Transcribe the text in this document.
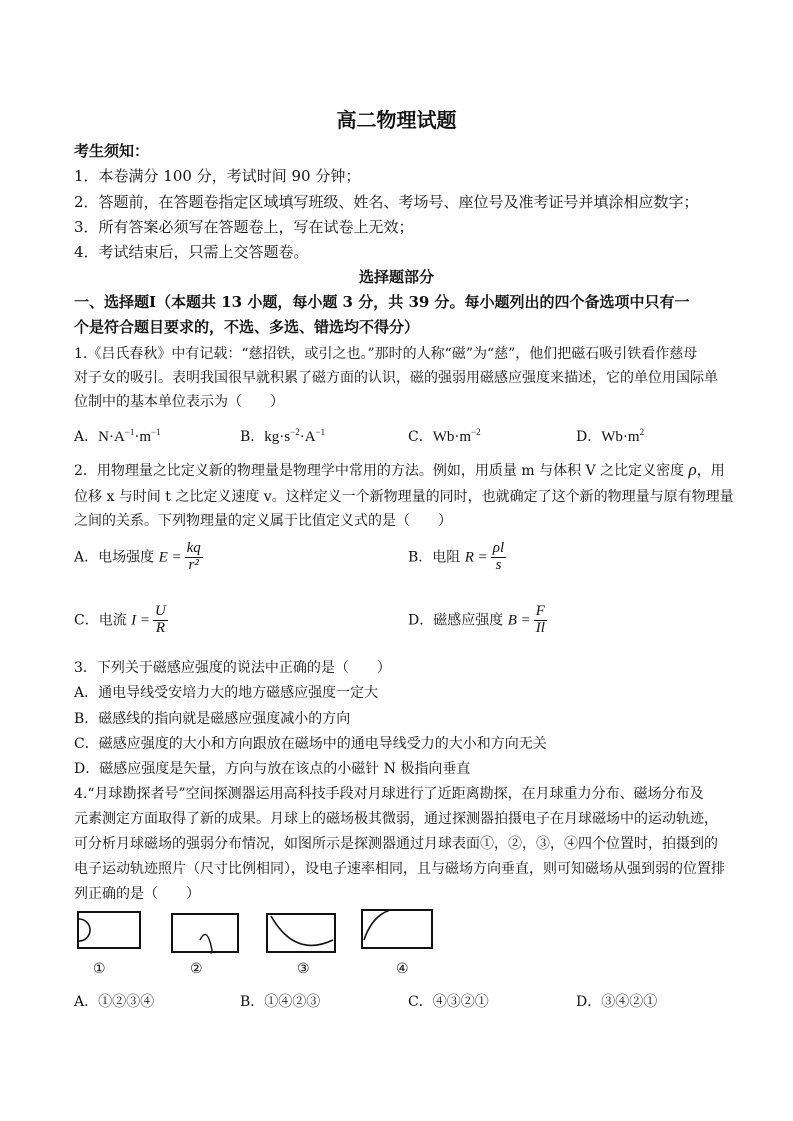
高二物理试题
考生须知：
1．本卷满分 100 分，考试时间 90 分钟；
2．答题前，在答题卷指定区域填写班级、姓名、考场号、座位号及准考证号并填涂相应数字；
3．所有答案必须写在答题卷上，写在试卷上无效；
4．考试结束后，只需上交答题卷。
选择题部分
一、选择题Ⅰ（本题共 13 小题，每小题 3 分，共 39 分。每小题列出的四个备选项中只有一
个是符合题目要求的，不选、多选、错选均不得分）
1.《吕氏春秋》中有记载：“慈招铁，或引之也。”那时的人称“磁”为“慈”，他们把磁石吸引铁看作慈母
对子女的吸引。表明我国很早就积累了磁方面的认识，磁的强弱用磁感应强度来描述，它的单位用国际单
位制中的基本单位表示为（　　）
A．$N\cdot A^{-1}\cdot m^{-1}$	B．$kg\cdot s^{-2}\cdot A^{-1}$	C．$Wb\cdot m^{-2}$	D．$Wb\cdot m^2$
2．用物理量之比定义新的物理量是物理学中常用的方法。例如，用质量 m 与体积 V 之比定义密度 ρ，用
位移 x 与时间 t 之比定义速度 v。这样定义一个新物理量的同时，也就确定了这个新的物理量与原有物理量
之间的关系。下列物理量的定义属于比值定义式的是（　　）
A．电场强度 $E = \frac{kq}{\text{r²}}$	B．电阻 $R = \frac{\rho l}{s}$
C．电流 $I = \frac{U}{R}$	D．磁感应强度 $B = \frac{F}{Il}$
3．下列关于磁感应强度的说法中正确的是（　　）
A．通电导线受安培力大的地方磁感应强度一定大
B．磁感线的指向就是磁感应强度减小的方向
C．磁感应强度的大小和方向跟放在磁场中的通电导线受力的大小和方向无关
D．磁感应强度是矢量，方向与放在该点的小磁针 N 极指向垂直
4.“月球勘探者号”空间探测器运用高科技手段对月球进行了近距离勘探，在月球重力分布、磁场分布及
元素测定方面取得了新的成果。月球上的磁场极其微弱，通过探测器拍摄电子在月球磁场中的运动轨迹，
可分析月球磁场的强弱分布情况，如图所示是探测器通过月球表面①，②，③，④四个位置时，拍摄到的
电子运动轨迹照片（尺寸比例相同），设电子速率相同，且与磁场方向垂直，则可知磁场从强到弱的位置排
列正确的是（　　）
①	②	③	④
A．①②③④	B．①④②③	C．④③②①	D．③④②①
